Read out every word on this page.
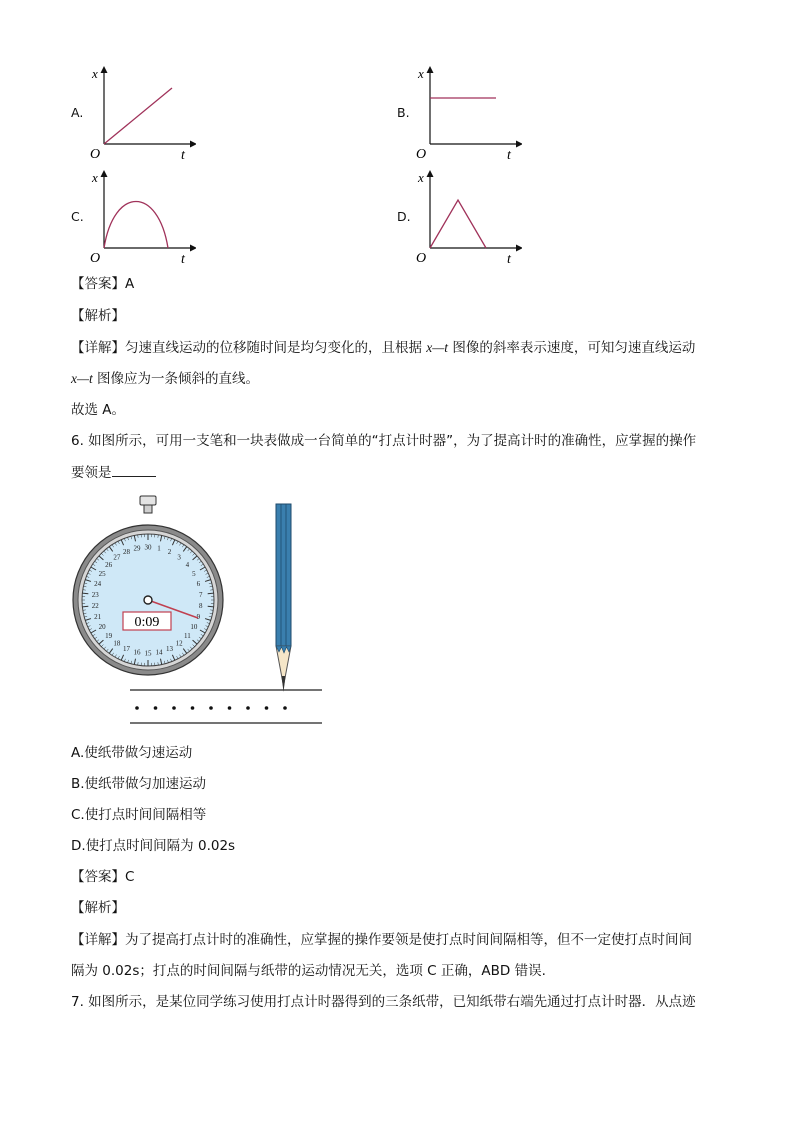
A.	B.
C.	D.
x
O	t
x
O	t
x
O	t
x
O	t
【答案】A
【解析】
【详解】匀速直线运动的位移随时间是均匀变化的，且根据 x—t 图像的斜率表示速度，可知匀速直线运动
x—t 图像应为一条倾斜的直线。
故选 A。
6. 如图所示，可用一支笔和一块表做成一台简单的“打点计时器”，为了提高计时的准确性，应掌握的操作
要领是
30 1 2
3
4
5
6
7
8
9
10
11
12
13
14
15
16
17
18
19
20
21
22
23
24
25
26
27
28 29
0:09
A.使纸带做匀速运动
B.使纸带做匀加速运动
C.使打点时间间隔相等
D.使打点时间间隔为 0.02s
【答案】C
【解析】
【详解】为了提高打点计时的准确性，应掌握的操作要领是使打点时间间隔相等，但不一定使打点时间间
隔为 0.02s；打点的时间间隔与纸带的运动情况无关，选项 C 正确，ABD 错误.
7. 如图所示，是某位同学练习使用打点计时器得到的三条纸带，已知纸带右端先通过打点计时器．从点迹
